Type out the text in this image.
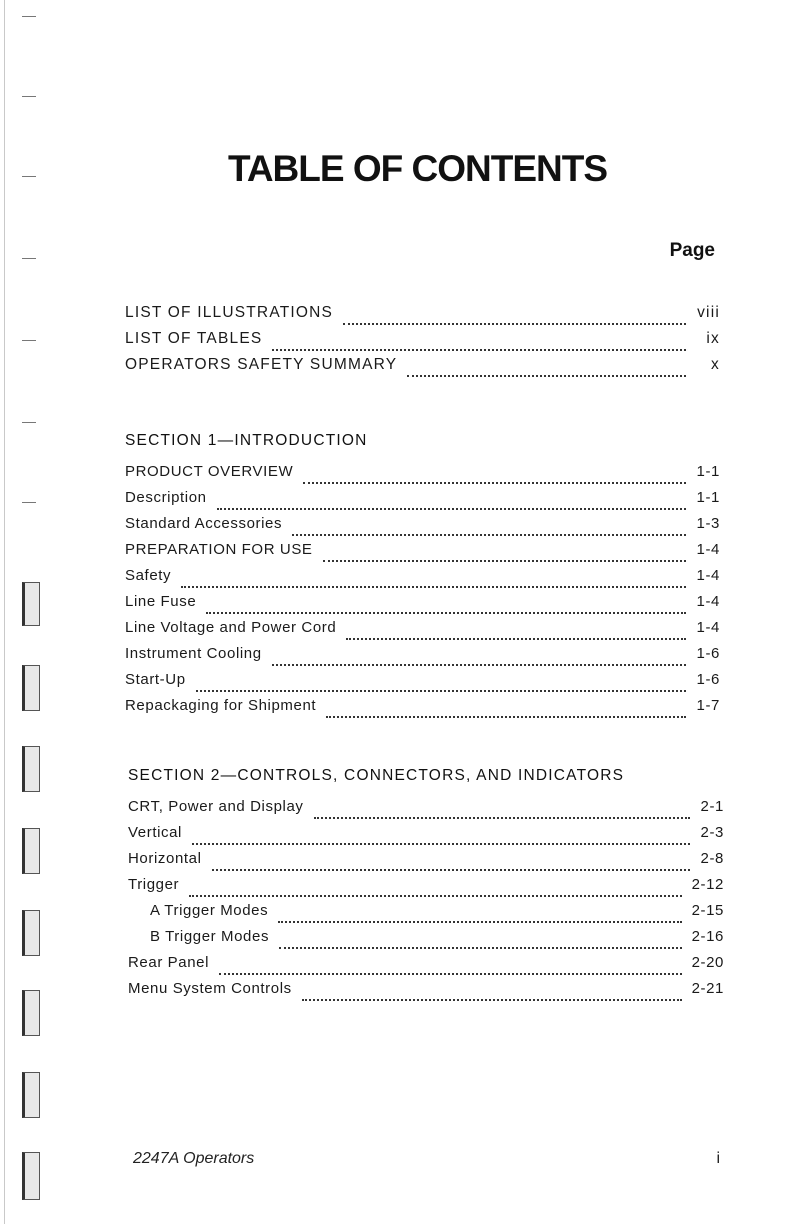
TABLE OF CONTENTS
Page
LIST OF ILLUSTRATIONS	viii
LIST OF TABLES	ix
OPERATORS SAFETY SUMMARY	x
SECTION 1—INTRODUCTION
PRODUCT OVERVIEW	1-1
Description	1-1
Standard Accessories	1-3
PREPARATION FOR USE	1-4
Safety	1-4
Line Fuse	1-4
Line Voltage and Power Cord	1-4
Instrument Cooling	1-6
Start-Up	1-6
Repackaging for Shipment	1-7
SECTION 2—CONTROLS, CONNECTORS, AND INDICATORS
CRT, Power and Display	2-1
Vertical	2-3
Horizontal	2-8
Trigger	2-12
A Trigger Modes	2-15
B Trigger Modes	2-16
Rear Panel	2-20
Menu System Controls	2-21
2247A Operators	i
